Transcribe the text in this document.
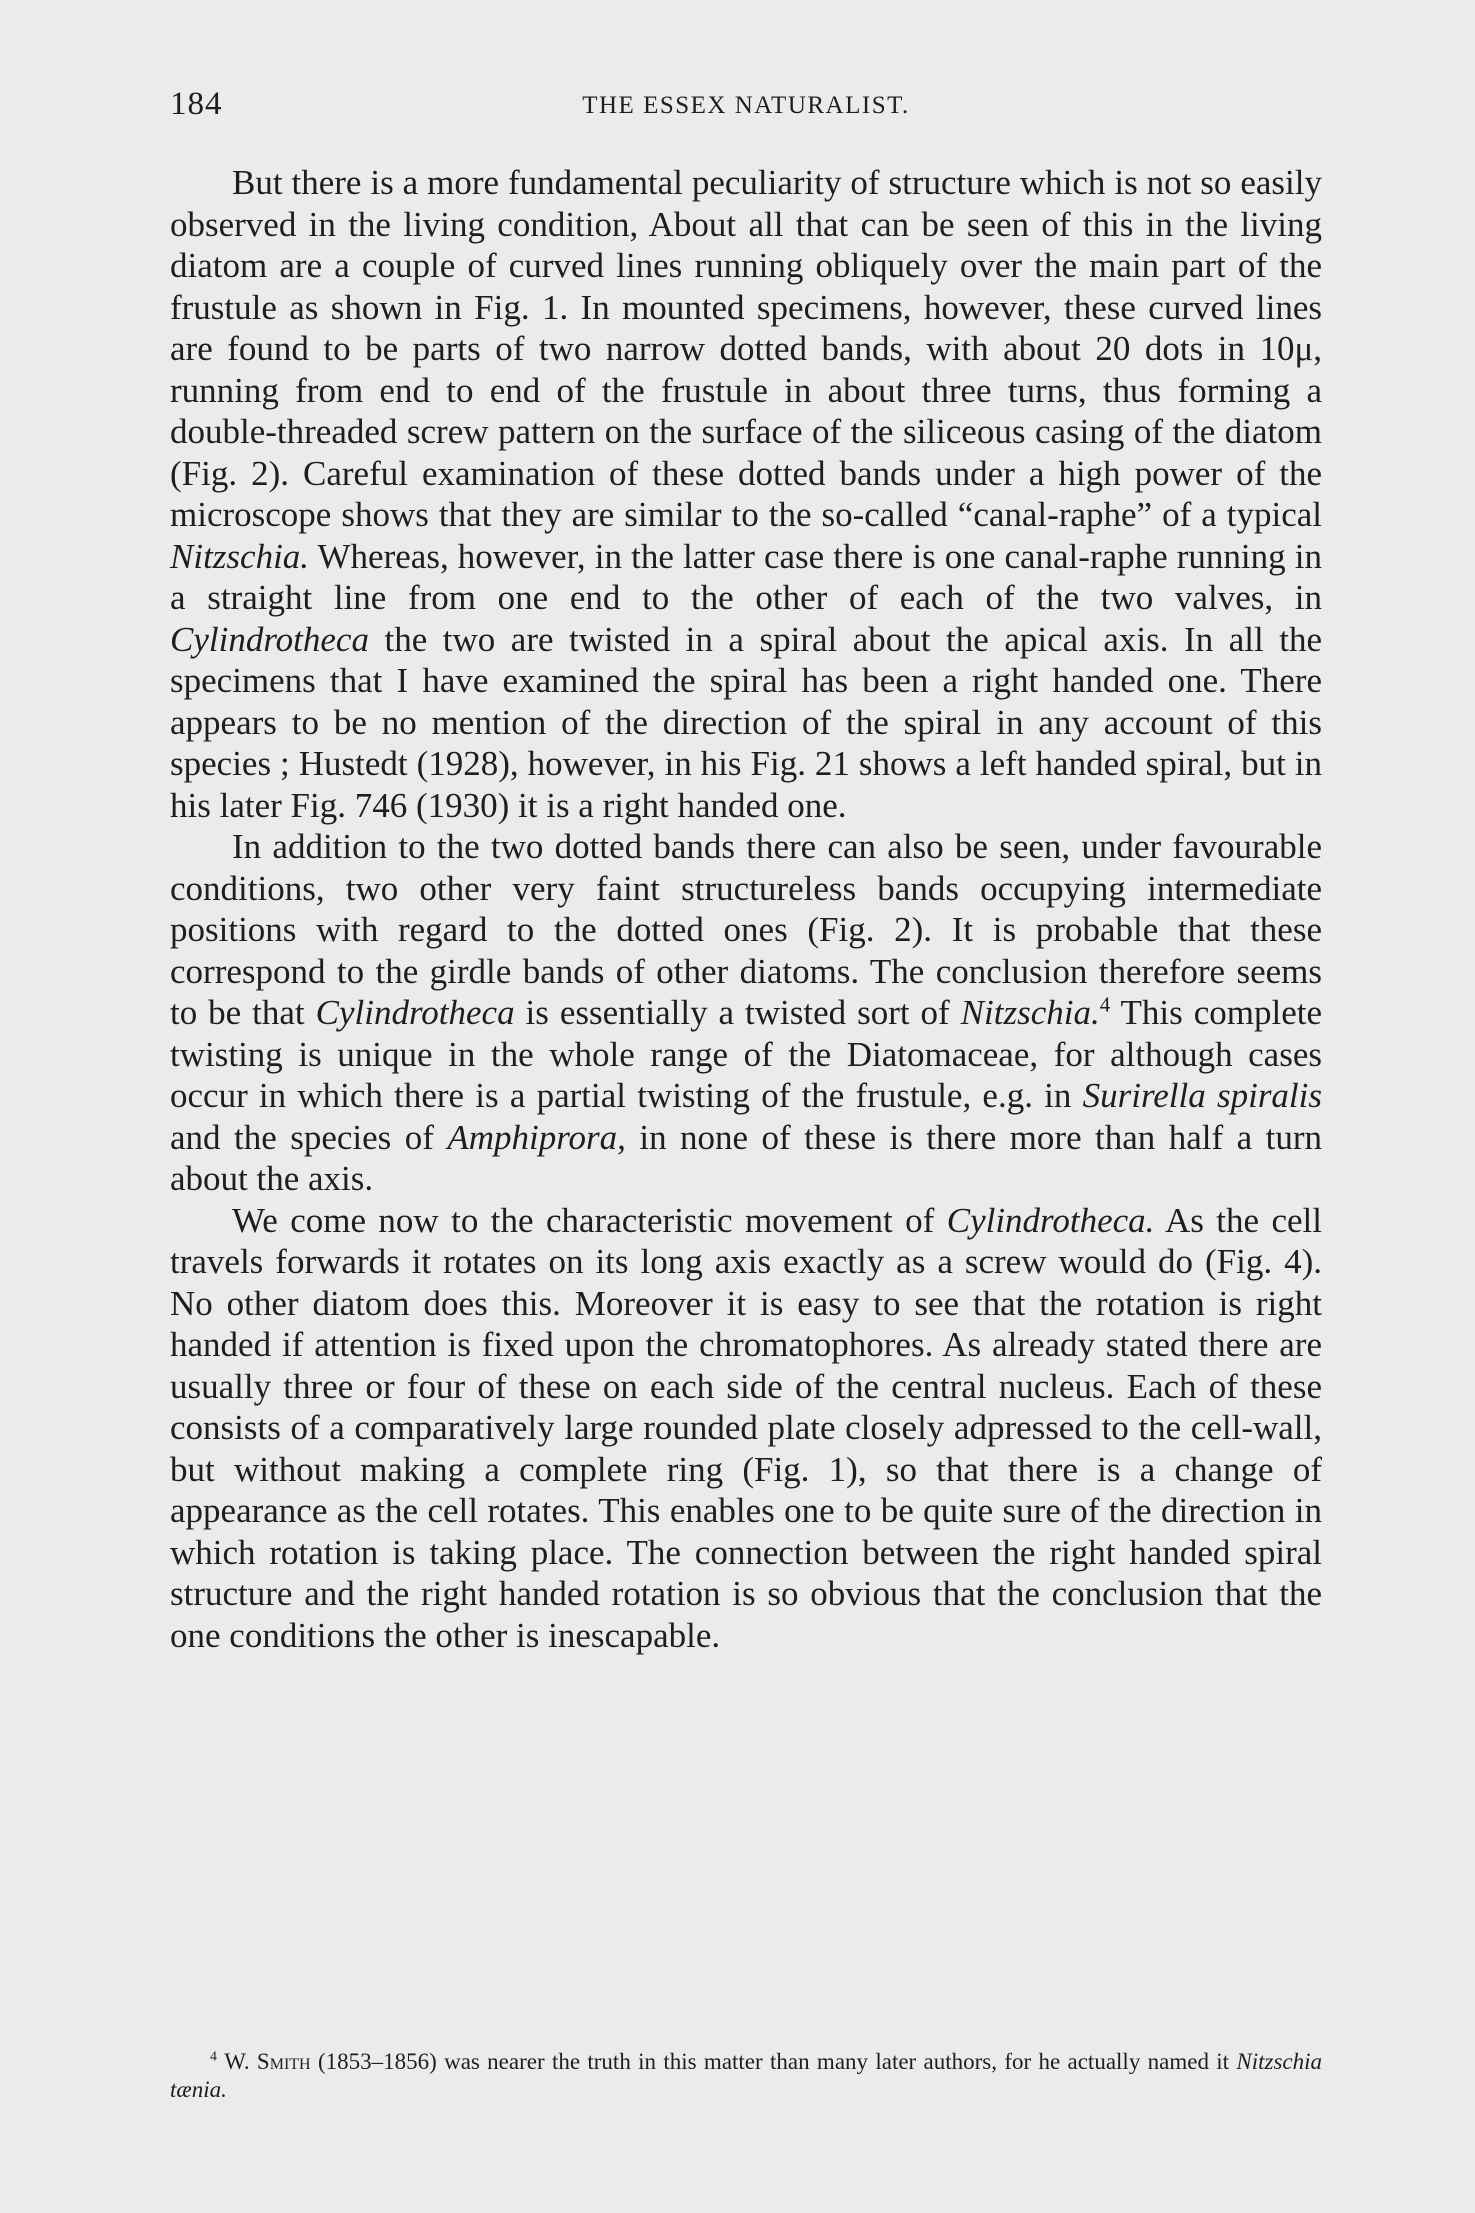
184	THE ESSEX NATURALIST.

But there is a more fundamental peculiarity of structure which is not so easily observed in the living condition, About all that can be seen of this in the living diatom are a couple of curved lines running obliquely over the main part of the frustule as shown in Fig. 1. In mounted specimens, however, these curved lines are found to be parts of two narrow dotted bands, with about 20 dots in 10μ, running from end to end of the frustule in about three turns, thus forming a double-threaded screw pattern on the surface of the siliceous casing of the diatom (Fig. 2). Careful examination of these dotted bands under a high power of the microscope shows that they are similar to the so-called “canal-raphe” of a typical Nitzschia. Whereas, however, in the latter case there is one canal-raphe running in a straight line from one end to the other of each of the two valves, in Cylindrotheca the two are twisted in a spiral about the apical axis. In all the specimens that I have examined the spiral has been a right handed one. There appears to be no mention of the direction of the spiral in any account of this species ; Hustedt (1928), however, in his Fig. 21 shows a left handed spiral, but in his later Fig. 746 (1930) it is a right handed one.

In addition to the two dotted bands there can also be seen, under favourable conditions, two other very faint structureless bands occupying intermediate positions with regard to the dotted ones (Fig. 2). It is probable that these correspond to the girdle bands of other diatoms. The conclusion therefore seems to be that Cylindrotheca is essentially a twisted sort of Nitzschia.$^4$ This complete twisting is unique in the whole range of the Diatomaceae, for although cases occur in which there is a partial twisting of the frustule, e.g. in Surirella spiralis and the species of Amphiprora, in none of these is there more than half a turn about the axis.

We come now to the characteristic movement of Cylindrotheca. As the cell travels forwards it rotates on its long axis exactly as a screw would do (Fig. 4). No other diatom does this. Moreover it is easy to see that the rotation is right handed if attention is fixed upon the chromatophores. As already stated there are usually three or four of these on each side of the central nucleus. Each of these consists of a comparatively large rounded plate closely adpressed to the cell-wall, but without making a complete ring (Fig. 1), so that there is a change of appearance as the cell rotates. This enables one to be quite sure of the direction in which rotation is taking place. The connection between the right handed spiral structure and the right handed rotation is so obvious that the conclusion that the one conditions the other is inescapable.

$^4$ W. Smith (1853–1856) was nearer the truth in this matter than many later authors, for he actually named it Nitzschia tænia.
